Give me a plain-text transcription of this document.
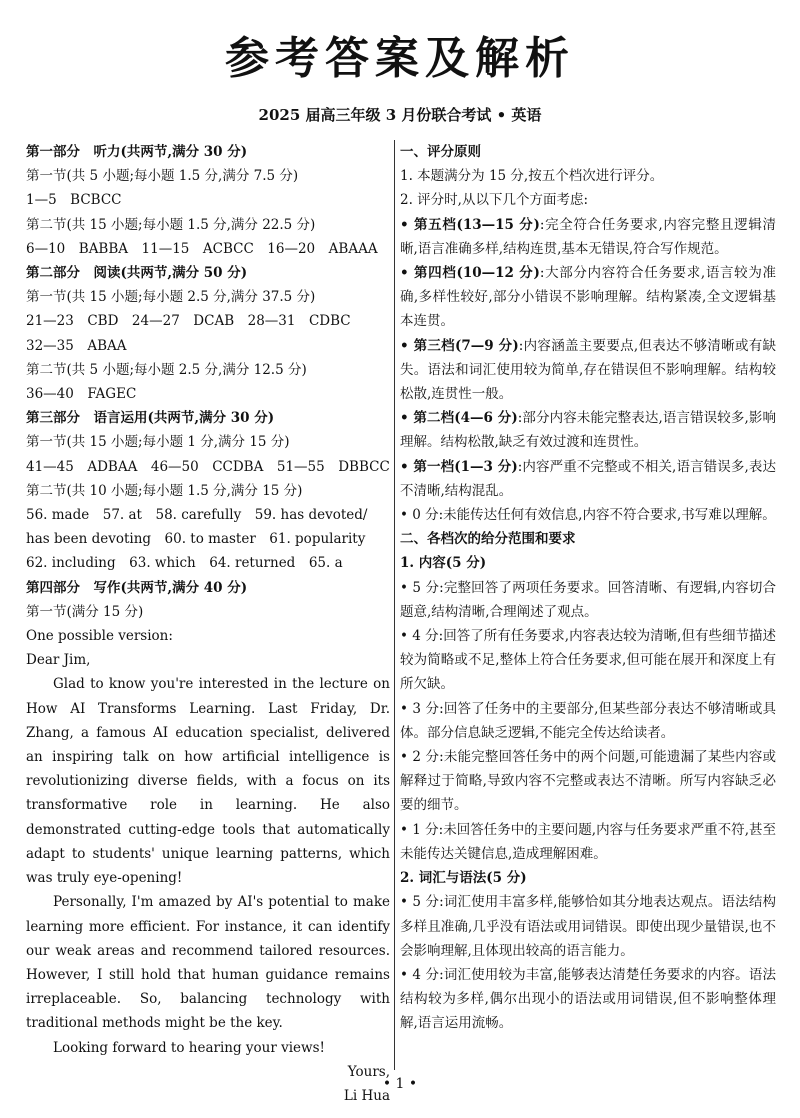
参考答案及解析
2025 届高三年级 3 月份联合考试 • 英语
第一部分　听力(共两节,满分 30 分)
第一节(共 5 小题;每小题 1.5 分,满分 7.5 分)
1—5　BCBCC
第二节(共 15 小题;每小题 1.5 分,满分 22.5 分)
6—10　BABBA　11—15　ACBCC　16—20　ABAAA
第二部分　阅读(共两节,满分 50 分)
第一节(共 15 小题;每小题 2.5 分,满分 37.5 分)
21—23　CBD　24—27　DCAB　28—31　CDBC
32—35　ABAA
第二节(共 5 小题;每小题 2.5 分,满分 12.5 分)
36—40　FAGEC
第三部分　语言运用(共两节,满分 30 分)
第一节(共 15 小题;每小题 1 分,满分 15 分)
41—45　ADBAA　46—50　CCDBA　51—55　DBBCC
第二节(共 10 小题;每小题 1.5 分,满分 15 分)
56. made　57. at　58. carefully　59. has devoted/
has been devoting　60. to master　61. popularity
62. including　63. which　64. returned　65. a
第四部分　写作(共两节,满分 40 分)
第一节(满分 15 分)
One possible version:
Dear Jim,

Glad to know you're interested in the lecture on How AI Transforms Learning. Last Friday, Dr. Zhang, a famous AI education specialist, delivered an inspiring talk on how artificial intelligence is revolutionizing diverse fields, with a focus on its transformative role in learning. He also demonstrated cutting-edge tools that automatically adapt to students' unique learning patterns, which was truly eye-opening!

Personally, I'm amazed by AI's potential to make learning more efficient. For instance, it can identify our weak areas and recommend tailored resources. However, I still hold that human guidance remains irreplaceable. So, balancing technology with traditional methods might be the key.

Looking forward to hearing your views!

Yours,
Li Hua
一、评分原则
1. 本题满分为 15 分,按五个档次进行评分。
2. 评分时,从以下几个方面考虑:
• 第五档(13—15 分):完全符合任务要求,内容完整且逻辑清晰,语言准确多样,结构连贯,基本无错误,符合写作规范。
• 第四档(10—12 分):大部分内容符合任务要求,语言较为准确,多样性较好,部分小错误不影响理解。结构紧凑,全文逻辑基本连贯。
• 第三档(7—9 分):内容涵盖主要要点,但表达不够清晰或有缺失。语法和词汇使用较为简单,存在错误但不影响理解。结构较松散,连贯性一般。
• 第二档(4—6 分):部分内容未能完整表达,语言错误较多,影响理解。结构松散,缺乏有效过渡和连贯性。
• 第一档(1—3 分):内容严重不完整或不相关,语言错误多,表达不清晰,结构混乱。
• 0 分:未能传达任何有效信息,内容不符合要求,书写难以理解。
二、各档次的给分范围和要求
1. 内容(5 分)
• 5 分:完整回答了两项任务要求。回答清晰、有逻辑,内容切合题意,结构清晰,合理阐述了观点。
• 4 分:回答了所有任务要求,内容表达较为清晰,但有些细节描述较为简略或不足,整体上符合任务要求,但可能在展开和深度上有所欠缺。
• 3 分:回答了任务中的主要部分,但某些部分表达不够清晰或具体。部分信息缺乏逻辑,不能完全传达给读者。
• 2 分:未能完整回答任务中的两个问题,可能遗漏了某些内容或解释过于简略,导致内容不完整或表达不清晰。所写内容缺乏必要的细节。
• 1 分:未回答任务中的主要问题,内容与任务要求严重不符,甚至未能传达关键信息,造成理解困难。
2. 词汇与语法(5 分)
• 5 分:词汇使用丰富多样,能够恰如其分地表达观点。语法结构多样且准确,几乎没有语法或用词错误。即使出现少量错误,也不会影响理解,且体现出较高的语言能力。
• 4 分:词汇使用较为丰富,能够表达清楚任务要求的内容。语法结构较为多样,偶尔出现小的语法或用词错误,但不影响整体理解,语言运用流畅。
• 1 •
